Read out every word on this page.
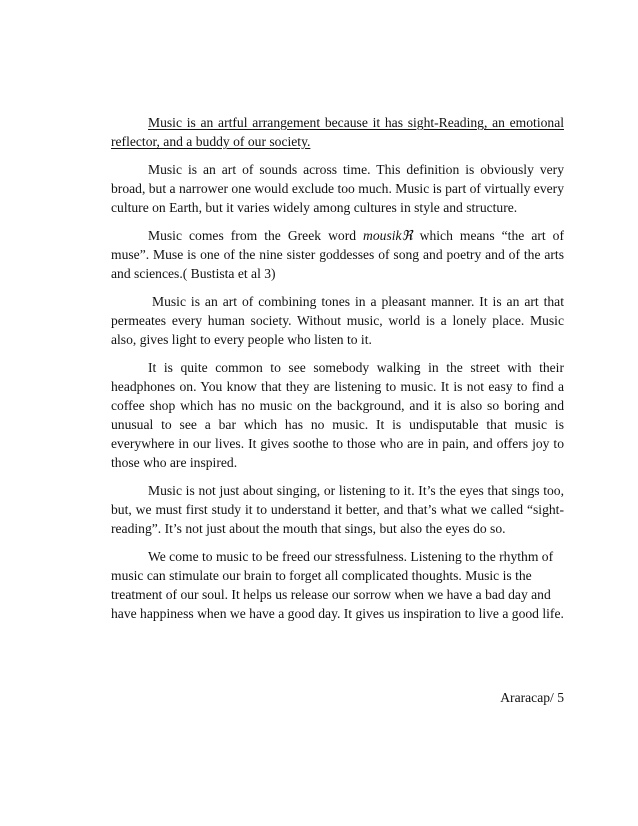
Music is an artful arrangement because it has sight-Reading, an emotional reflector, and a buddy of our society.

Music is an art of sounds across time. This definition is obviously very broad, but a narrower one would exclude too much. Music is part of virtually every culture on Earth, but it varies widely among cultures in style and structure.

Music comes from the Greek word mousikℜ which means “the art of muse”. Muse is one of the nine sister goddesses of song and poetry and of the arts and sciences.( Bustista et al 3)

Music is an art of combining tones in a pleasant manner. It is an art that permeates every human society. Without music, world is a lonely place. Music also, gives light to every people who listen to it.

It is quite common to see somebody walking in the street with their headphones on. You know that they are listening to music. It is not easy to find a coffee shop which has no music on the background, and it is also so boring and unusual to see a bar which has no music. It is undisputable that music is everywhere in our lives. It gives soothe to those who are in pain, and offers joy to those who are inspired.

Music is not just about singing, or listening to it. It’s the eyes that sings too, but, we must first study it to understand it better, and that’s what we called “sight-reading”. It’s not just about the mouth that sings, but also the eyes do so.

We come to music to be freed our stressfulness. Listening to the rhythm of music can stimulate our brain to forget all complicated thoughts. Music is the treatment of our soul. It helps us release our sorrow when we have a bad day and have happiness when we have a good day. It gives us inspiration to live a good life.

Araracap/ 5
